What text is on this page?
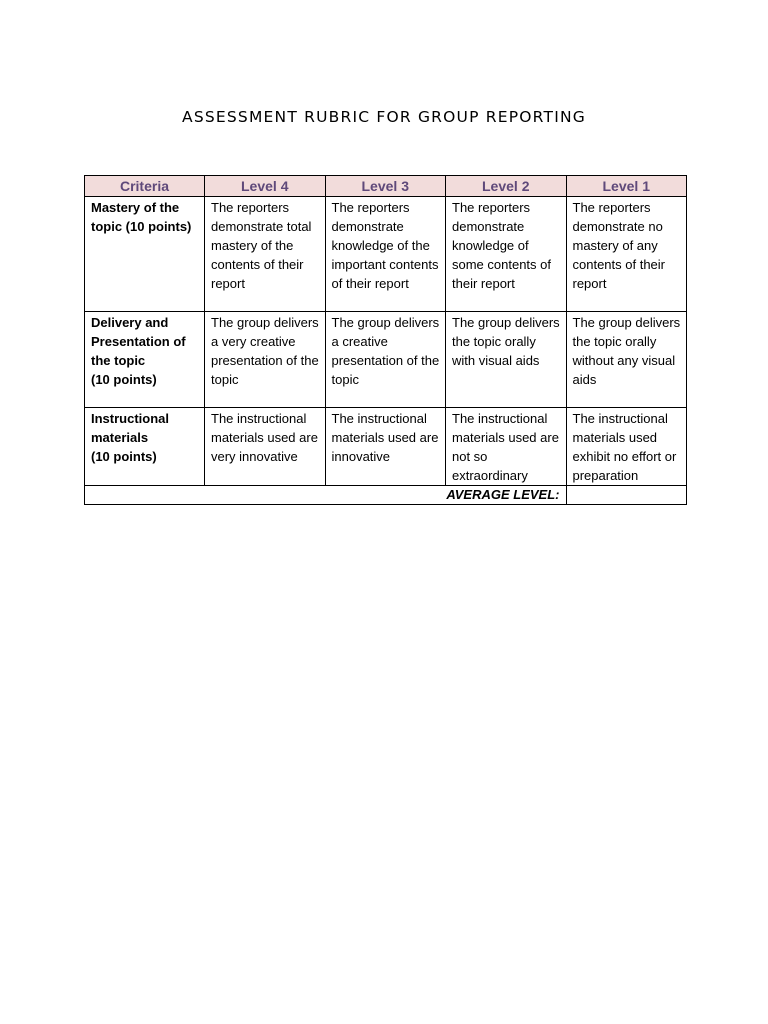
ASSESSMENT RUBRIC FOR GROUP REPORTING
Criteria	Level 4	Level 3	Level 2	Level 1
Mastery of the
topic (10 points)	The reporters demonstrate total mastery of the contents of their report	The reporters demonstrate knowledge of the important contents of their report	The reporters demonstrate knowledge of some contents of their report	The reporters demonstrate no mastery of any contents of their report
Delivery and
Presentation of
the topic
(10 points)	The group delivers a very creative presentation of the topic	The group delivers a creative presentation of the topic	The group delivers the topic orally with visual aids	The group delivers the topic orally without any visual aids
Instructional
materials
(10 points)	The instructional materials used are very innovative	The instructional materials used are innovative	The instructional materials used are not so extraordinary	The instructional materials used exhibit no effort or preparation
AVERAGE LEVEL:				
